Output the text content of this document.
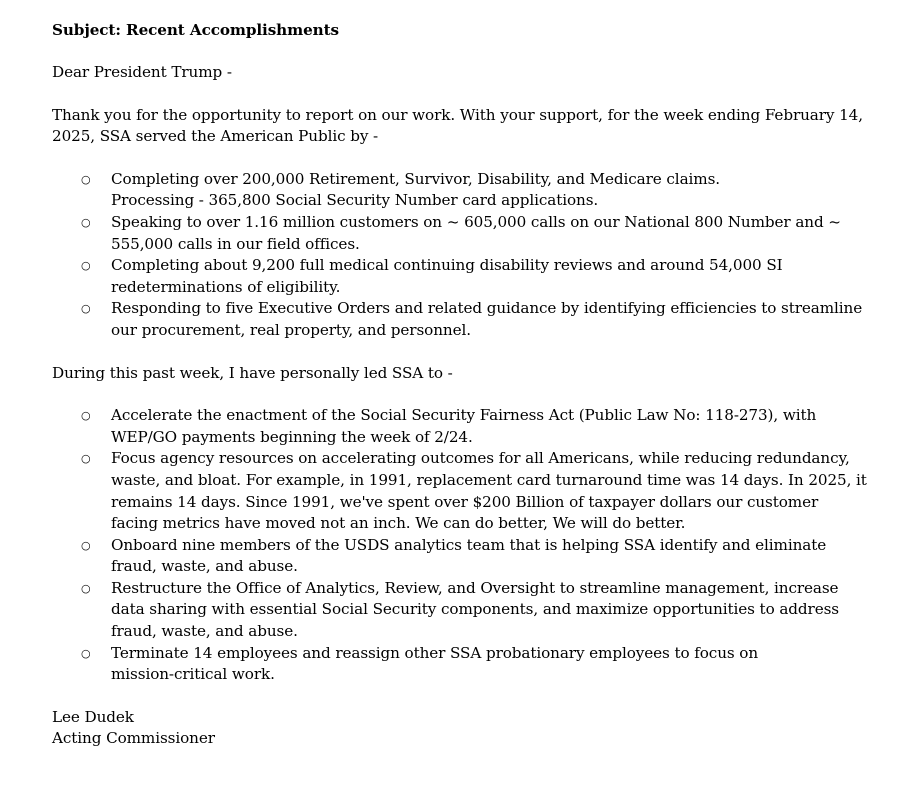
Subject: Recent Accomplishments

Dear President Trump -

Thank you for the opportunity to report on our work. With your support, for the week ending February 14,
2025, SSA served the American Public by -

○ Completing over 200,000 Retirement, Survivor, Disability, and Medicare claims.
Processing - 365,800 Social Security Number card applications.
○ Speaking to over 1.16 million customers on ~ 605,000 calls on our National 800 Number and ~
555,000 calls in our field offices.
○ Completing about 9,200 full medical continuing disability reviews and around 54,000 SI
redeterminations of eligibility.
○ Responding to five Executive Orders and related guidance by identifying efficiencies to streamline
our procurement, real property, and personnel.

During this past week, I have personally led SSA to -

○ Accelerate the enactment of the Social Security Fairness Act (Public Law No: 118-273), with
WEP/GO payments beginning the week of 2/24.
○ Focus agency resources on accelerating outcomes for all Americans, while reducing redundancy,
waste, and bloat. For example, in 1991, replacement card turnaround time was 14 days. In 2025, it
remains 14 days. Since 1991, we've spent over $200 Billion of taxpayer dollars our customer
facing metrics have moved not an inch. We can do better, We will do better.
○ Onboard nine members of the USDS analytics team that is helping SSA identify and eliminate
fraud, waste, and abuse.
○ Restructure the Office of Analytics, Review, and Oversight to streamline management, increase
data sharing with essential Social Security components, and maximize opportunities to address
fraud, waste, and abuse.
○ Terminate 14 employees and reassign other SSA probationary employees to focus on
mission-critical work.

Lee Dudek
Acting Commissioner
